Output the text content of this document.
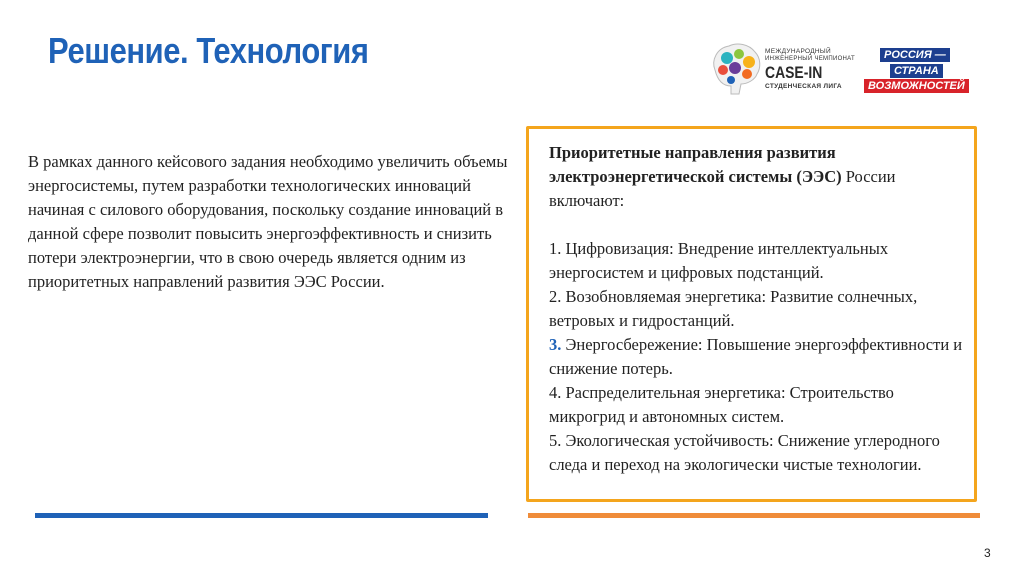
Решение. Технология	МЕЖДУНАРОДНЫЙ
ИНЖЕНЕРНЫЙ ЧЕМПИОНАТ
CASE-IN
СТУДЕНЧЕСКАЯ ЛИГА
РОССИЯ —
СТРАНА
ВОЗМОЖНОСТЕЙ
В рамках данного кейсового задания необходимо увеличить объемы энергосистемы, путем разработки технологических инноваций начиная с силового оборудования, поскольку создание инноваций в данной сфере позволит повысить энергоэффективность и снизить потери электроэнергии, что в свою очередь является одним из приоритетных направлений развития ЭЭС России.

Приоритетные направления развития электроэнергетической системы (ЭЭС) России включают:

1. Цифровизация: Внедрение интеллектуальных энергосистем и цифровых подстанций.

2. Возобновляемая энергетика: Развитие солнечных, ветровых и гидростанций.

3. Энергосбережение: Повышение энергоэффективности и снижение потерь.

4. Распределительная энергетика: Строительство микрогрид и автономных систем.

5. Экологическая устойчивость: Снижение углеродного следа и переход на экологически чистые технологии.

3
